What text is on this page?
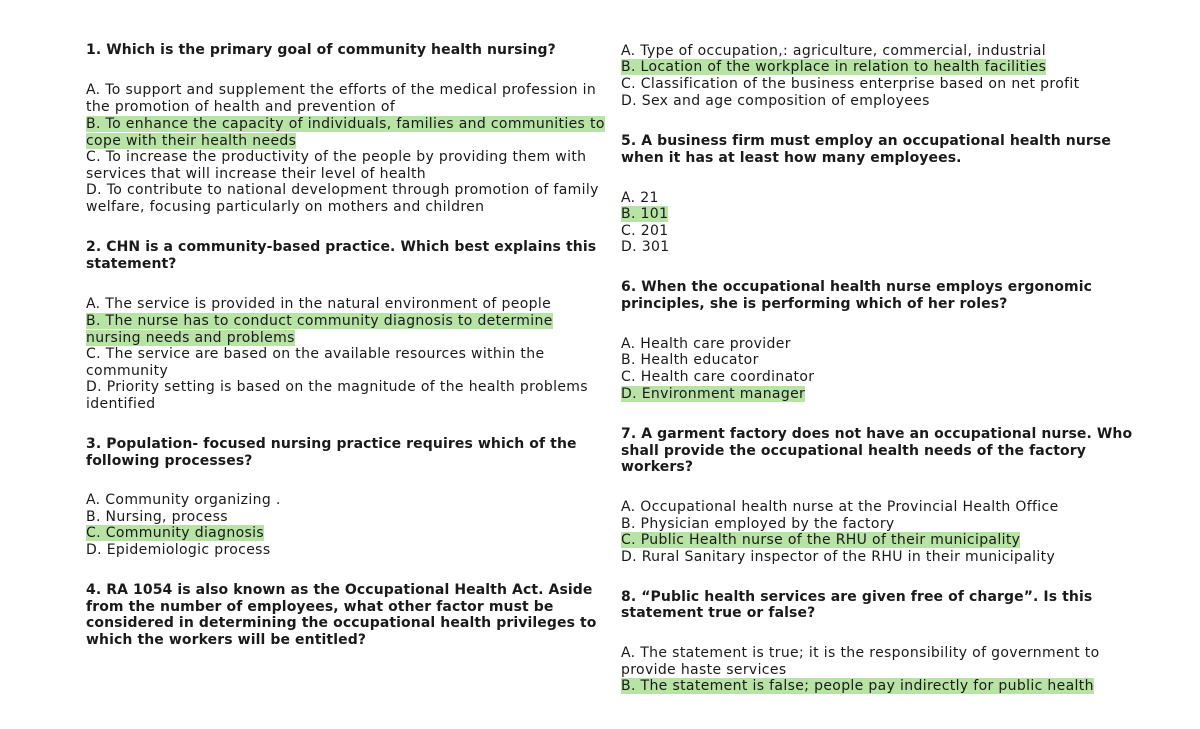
1. Which is the primary goal of community health nursing?
A. To support and supplement the efforts of the medical profession in
the promotion of health and prevention of
B. To enhance the capacity of individuals, families and communities to
cope with their health needs
C. To increase the productivity of the people by providing them with
services that will increase their level of health
D. To contribute to national development through promotion of family
welfare, focusing particularly on mothers and children
2. CHN is a community-based practice. Which best explains this
statement?
A. The service is provided in the natural environment of people
B. The nurse has to conduct community diagnosis to determine
nursing needs and problems
C. The service are based on the available resources within the
community
D. Priority setting is based on the magnitude of the health problems
identified
3. Population- focused nursing practice requires which of the
following processes?
A. Community organizing .
B. Nursing, process
C. Community diagnosis
D. Epidemiologic process
4. RA 1054 is also known as the Occupational Health Act. Aside
from the number of employees, what other factor must be
considered in determining the occupational health privileges to
which the workers will be entitled?
A. Type of occupation,: agriculture, commercial, industrial
B. Location of the workplace in relation to health facilities
C. Classification of the business enterprise based on net profit
D. Sex and age composition of employees
5. A business firm must employ an occupational health nurse
when it has at least how many employees.
A. 21
B. 101
C. 201
D. 301
6. When the occupational health nurse employs ergonomic
principles, she is performing which of her roles?
A. Health care provider
B. Health educator
C. Health care coordinator
D. Environment manager
7. A garment factory does not have an occupational nurse. Who
shall provide the occupational health needs of the factory
workers?
A. Occupational health nurse at the Provincial Health Office
B. Physician employed by the factory
C. Public Health nurse of the RHU of their municipality
D. Rural Sanitary inspector of the RHU in their municipality
8. “Public health services are given free of charge”. Is this
statement true or false?
A. The statement is true; it is the responsibility of government to
provide haste services
B. The statement is false; people pay indirectly for public health
